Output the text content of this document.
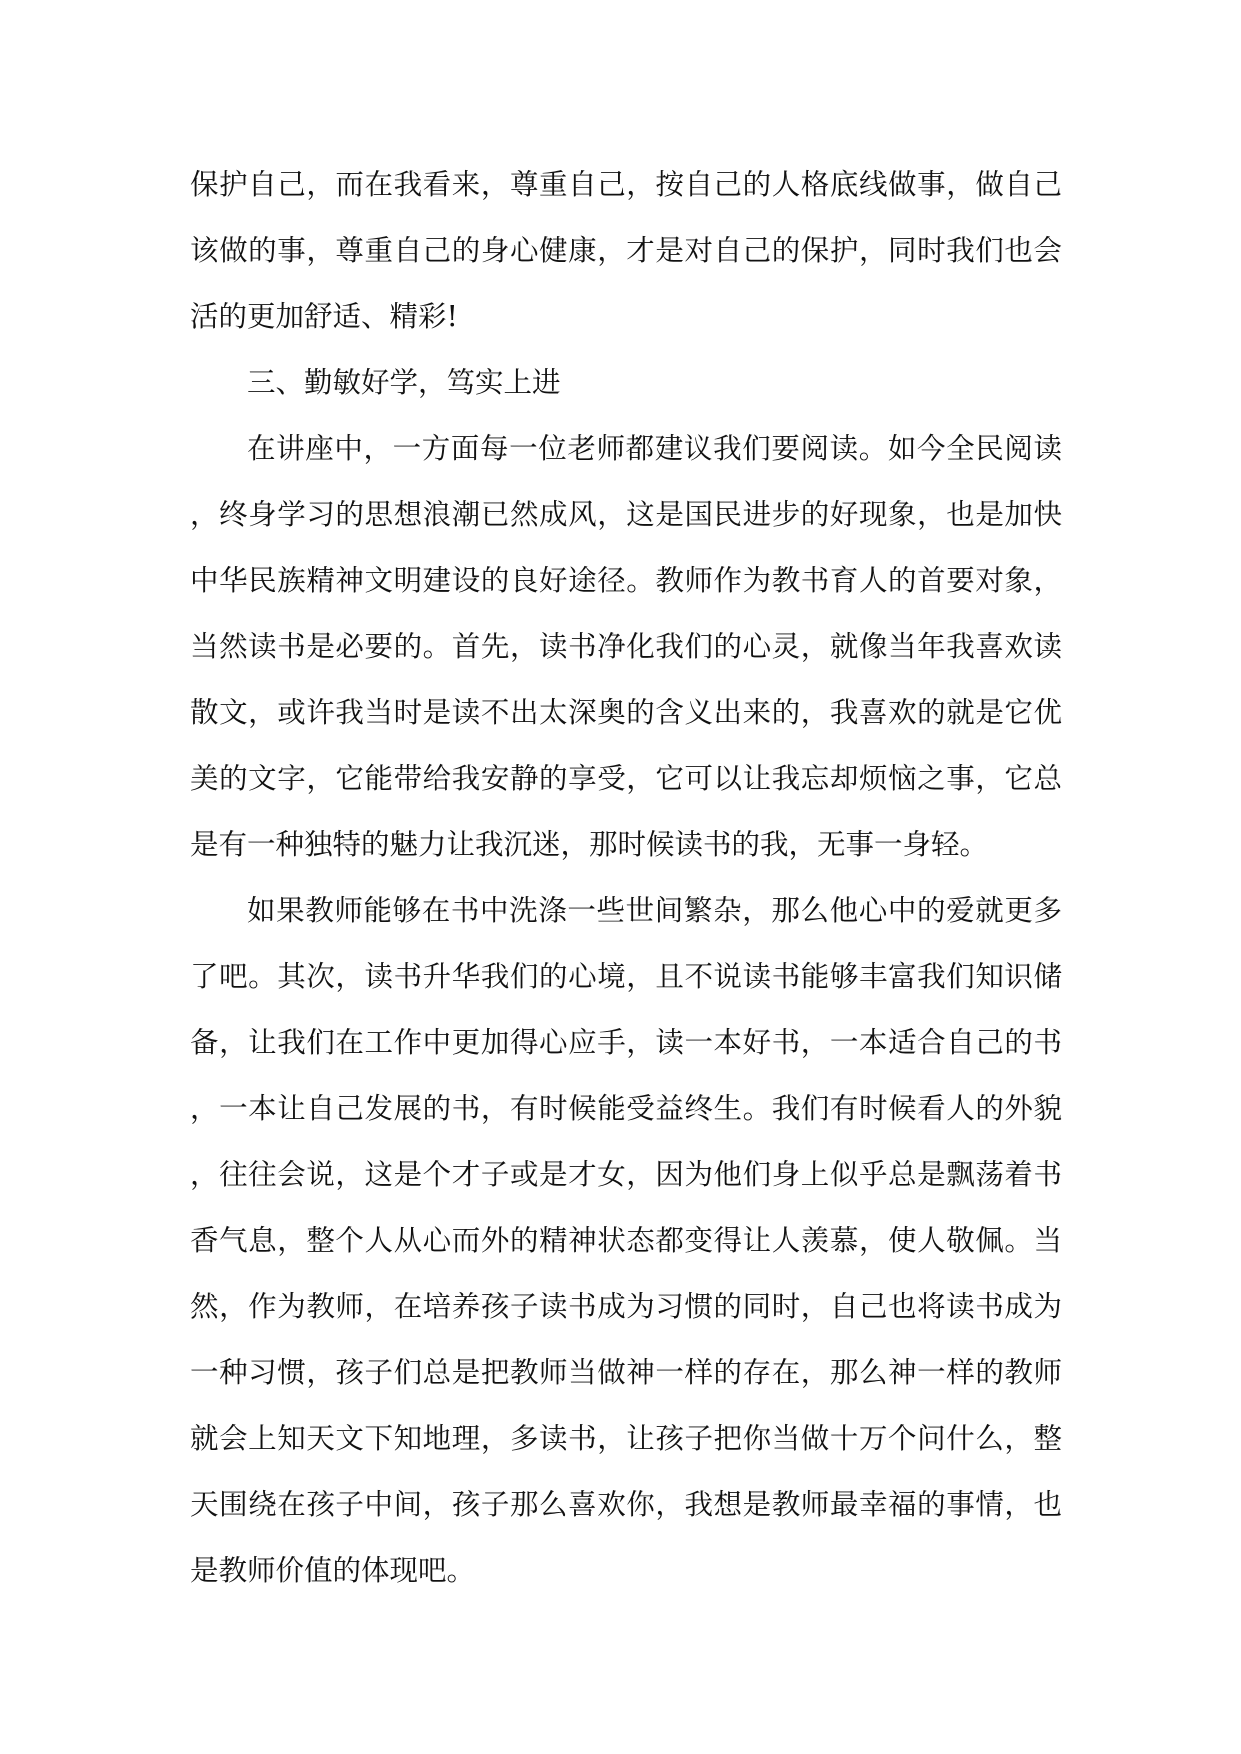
保护自己，而在我看来，尊重自己，按自己的人格底线做事，做自己该做的事，尊重自己的身心健康，才是对自己的保护，同时我们也会活的更加舒适、精彩!

三、勤敏好学，笃实上进

在讲座中，一方面每一位老师都建议我们要阅读。如今全民阅读，终身学习的思想浪潮已然成风，这是国民进步的好现象，也是加快中华民族精神文明建设的良好途径。教师作为教书育人的首要对象，当然读书是必要的。首先，读书净化我们的心灵，就像当年我喜欢读散文，或许我当时是读不出太深奥的含义出来的，我喜欢的就是它优美的文字，它能带给我安静的享受，它可以让我忘却烦恼之事，它总是有一种独特的魅力让我沉迷，那时候读书的我，无事一身轻。

如果教师能够在书中洗涤一些世间繁杂，那么他心中的爱就更多了吧。其次，读书升华我们的心境，且不说读书能够丰富我们知识储备，让我们在工作中更加得心应手，读一本好书，一本适合自己的书，一本让自己发展的书，有时候能受益终生。我们有时候看人的外貌，往往会说，这是个才子或是才女，因为他们身上似乎总是飘荡着书香气息，整个人从心而外的精神状态都变得让人羡慕，使人敬佩。当然，作为教师，在培养孩子读书成为习惯的同时，自己也将读书成为一种习惯，孩子们总是把教师当做神一样的存在，那么神一样的教师就会上知天文下知地理，多读书，让孩子把你当做十万个问什么，整天围绕在孩子中间，孩子那么喜欢你，我想是教师最幸福的事情，也是教师价值的体现吧。
